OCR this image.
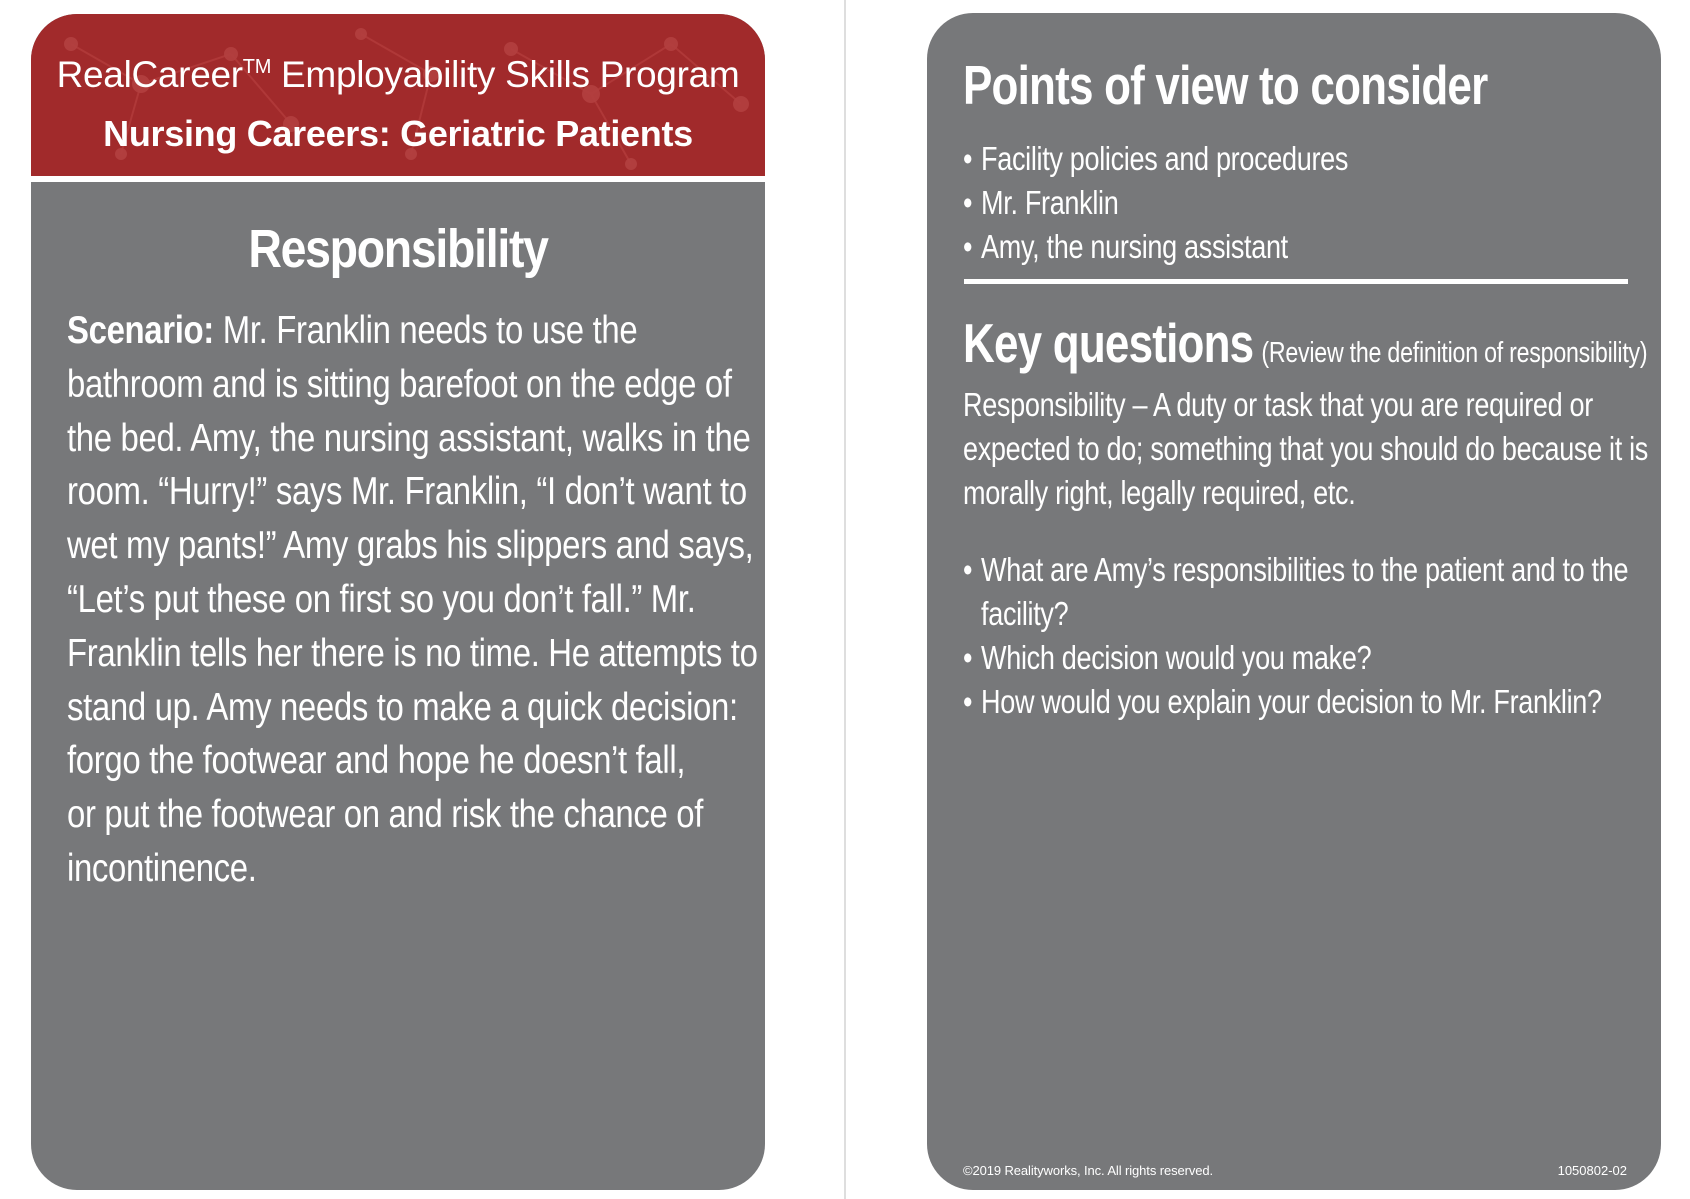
RealCareer™ Employability Skills Program
Nursing Careers: Geriatric Patients
Responsibility
Scenario: Mr. Franklin needs to use the
bathroom and is sitting barefoot on the edge of
the bed. Amy, the nursing assistant, walks in the
room. “Hurry!” says Mr. Franklin, “I don’t want to
wet my pants!” Amy grabs his slippers and says,
“Let’s put these on first so you don’t fall.” Mr.
Franklin tells her there is no time. He attempts to
stand up. Amy needs to make a quick decision:
forgo the footwear and hope he doesn’t fall,
or put the footwear on and risk the chance of
incontinence.
Points of view to consider
• Facility policies and procedures
• Mr. Franklin
• Amy, the nursing assistant
Key questions (Review the definition of responsibility)
Responsibility – A duty or task that you are required or
expected to do; something that you should do because it is
morally right, legally required, etc.
• What are Amy’s responsibilities to the patient and to the
facility?
• Which decision would you make?
• How would you explain your decision to Mr. Franklin?
©2019 Realityworks, Inc. All rights reserved.	1050802-02
